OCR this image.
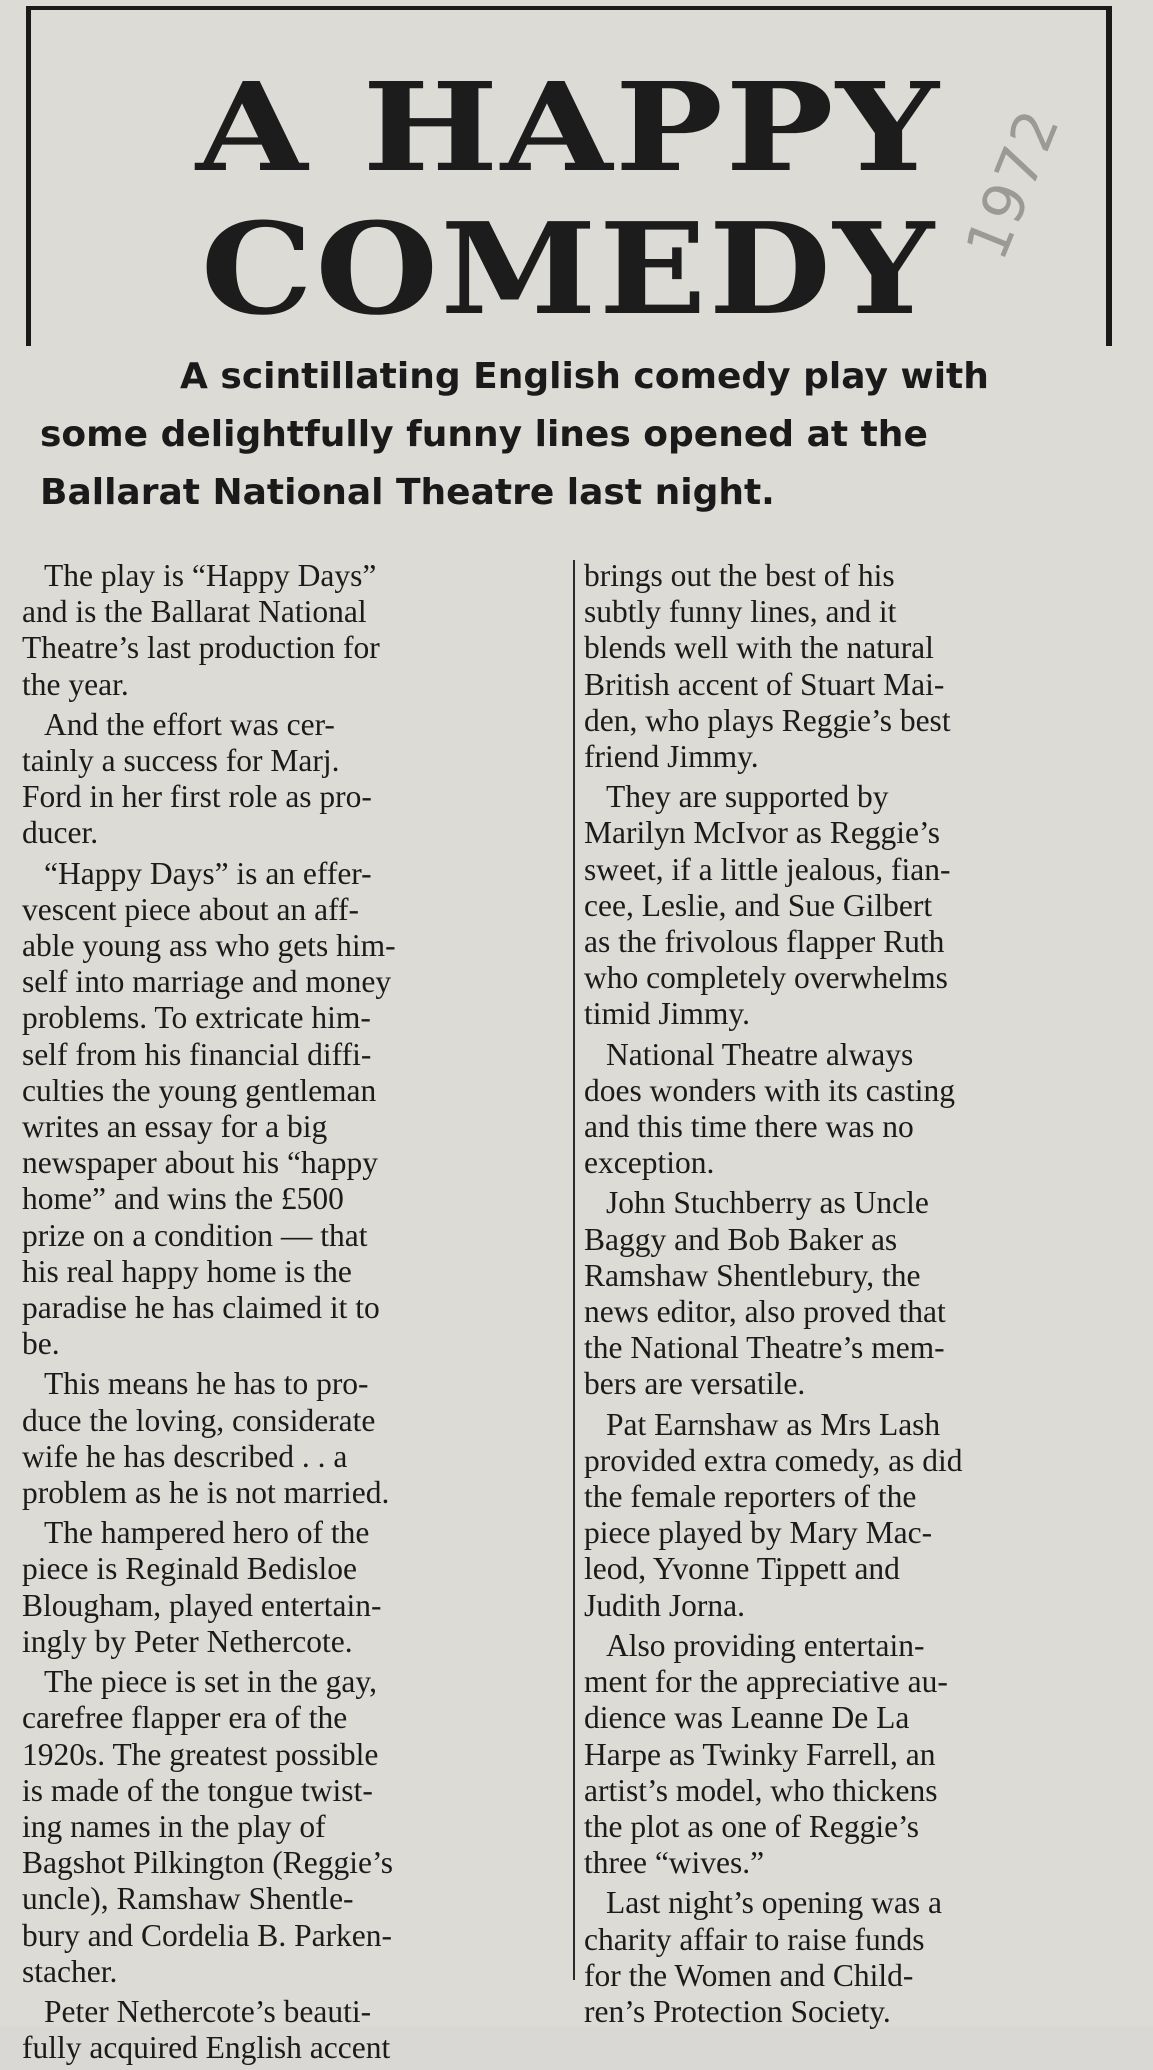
A HAPPY
COMEDY
1972
A scintillating English comedy play with
some delightfully funny lines opened at the
Ballarat National Theatre last night.
The play is “Happy Days”
and is the Ballarat National
Theatre’s last production for
the year.
And the effort was cer-
tainly a success for Marj.
Ford in her first role as pro-
ducer.
“Happy Days” is an effer-
vescent piece about an aff-
able young ass who gets him-
self into marriage and money
problems. To extricate him-
self from his financial diffi-
culties the young gentleman
writes an essay for a big
newspaper about his “happy
home” and wins the £500
prize on a condition — that
his real happy home is the
paradise he has claimed it to
be.
This means he has to pro-
duce the loving, considerate
wife he has described . . a
problem as he is not married.
The hampered hero of the
piece is Reginald Bedisloe
Blougham, played entertain-
ingly by Peter Nethercote.
The piece is set in the gay,
carefree flapper era of the
1920s. The greatest possible
is made of the tongue twist-
ing names in the play of
Bagshot Pilkington (Reggie’s
uncle), Ramshaw Shentle-
bury and Cordelia B. Parken-
stacher.
Peter Nethercote’s beauti-
fully acquired English accent
brings out the best of his
subtly funny lines, and it
blends well with the natural
British accent of Stuart Mai-
den, who plays Reggie’s best
friend Jimmy.
They are supported by
Marilyn McIvor as Reggie’s
sweet, if a little jealous, fian-
cee, Leslie, and Sue Gilbert
as the frivolous flapper Ruth
who completely overwhelms
timid Jimmy.
National Theatre always
does wonders with its casting
and this time there was no
exception.
John Stuchberry as Uncle
Baggy and Bob Baker as
Ramshaw Shentlebury, the
news editor, also proved that
the National Theatre’s mem-
bers are versatile.
Pat Earnshaw as Mrs Lash
provided extra comedy, as did
the female reporters of the
piece played by Mary Mac-
leod, Yvonne Tippett and
Judith Jorna.
Also providing entertain-
ment for the appreciative au-
dience was Leanne De La
Harpe as Twinky Farrell, an
artist’s model, who thickens
the plot as one of Reggie’s
three “wives.”
Last night’s opening was a
charity affair to raise funds
for the Women and Child-
ren’s Protection Society.
